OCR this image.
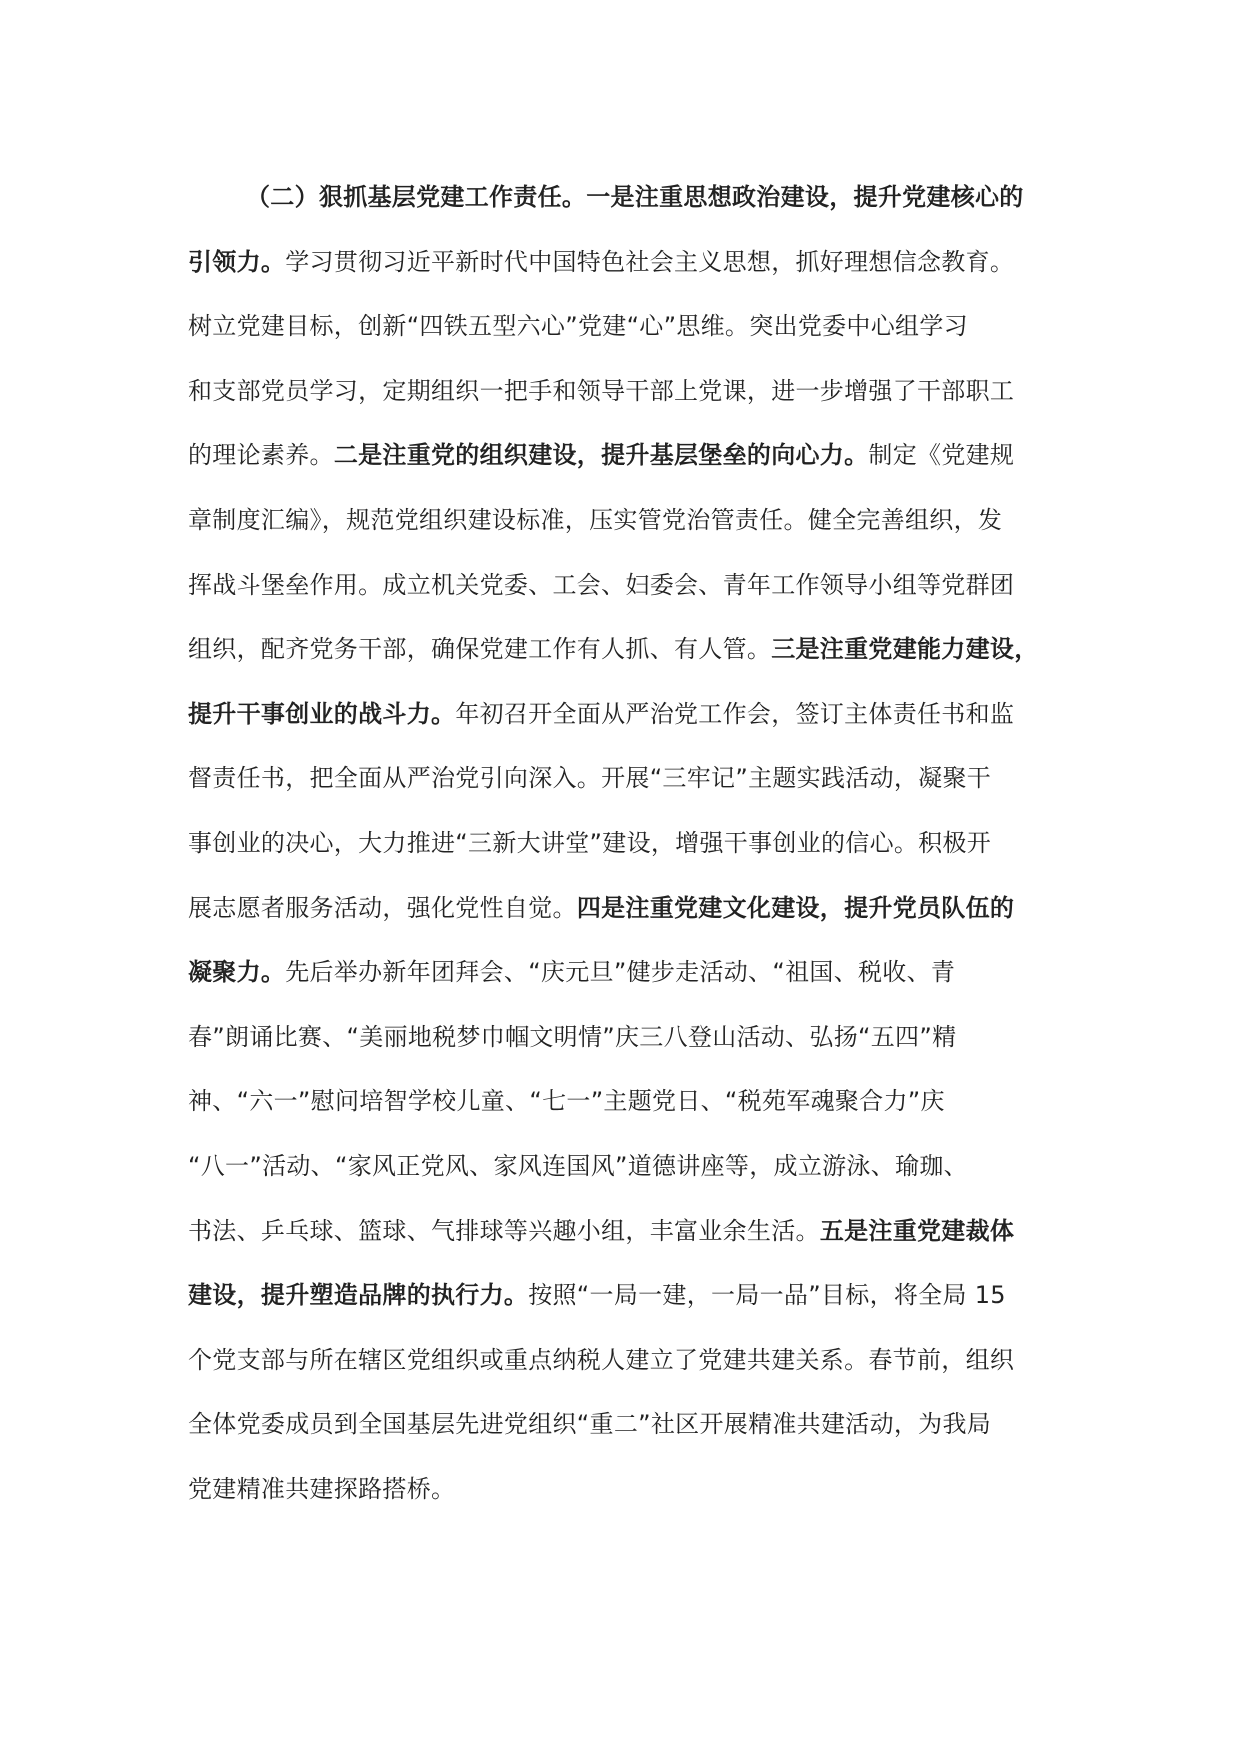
（二）狠抓基层党建工作责任。一是注重思想政治建设，提升党建核心的
引领力。学习贯彻习近平新时代中国特色社会主义思想，抓好理想信念教育。
树立党建目标，创新“四铁五型六心”党建“心”思维。突出党委中心组学习
和支部党员学习，定期组织一把手和领导干部上党课，进一步增强了干部职工
的理论素养。二是注重党的组织建设，提升基层堡垒的向心力。制定《党建规
章制度汇编》，规范党组织建设标准，压实管党治管责任。健全完善组织，发
挥战斗堡垒作用。成立机关党委、工会、妇委会、青年工作领导小组等党群团
组织，配齐党务干部，确保党建工作有人抓、有人管。三是注重党建能力建设，
提升干事创业的战斗力。年初召开全面从严治党工作会，签订主体责任书和监
督责任书，把全面从严治党引向深入。开展“三牢记”主题实践活动，凝聚干
事创业的决心，大力推进“三新大讲堂”建设，增强干事创业的信心。积极开
展志愿者服务活动，强化党性自觉。四是注重党建文化建设，提升党员队伍的
凝聚力。先后举办新年团拜会、“庆元旦”健步走活动、“祖国、税收、青
春”朗诵比赛、“美丽地税梦巾帼文明情”庆三八登山活动、弘扬“五四”精
神、“六一”慰问培智学校儿童、“七一”主题党日、“税苑军魂聚合力”庆
“八一”活动、“家风正党风、家风连国风”道德讲座等，成立游泳、瑜珈、
书法、乒乓球、篮球、气排球等兴趣小组，丰富业余生活。五是注重党建裁体
建设，提升塑造品牌的执行力。按照“一局一建，一局一品”目标，将全局 15
个党支部与所在辖区党组织或重点纳税人建立了党建共建关系。春节前，组织
全体党委成员到全国基层先进党组织“重二”社区开展精准共建活动，为我局
党建精准共建探路搭桥。
